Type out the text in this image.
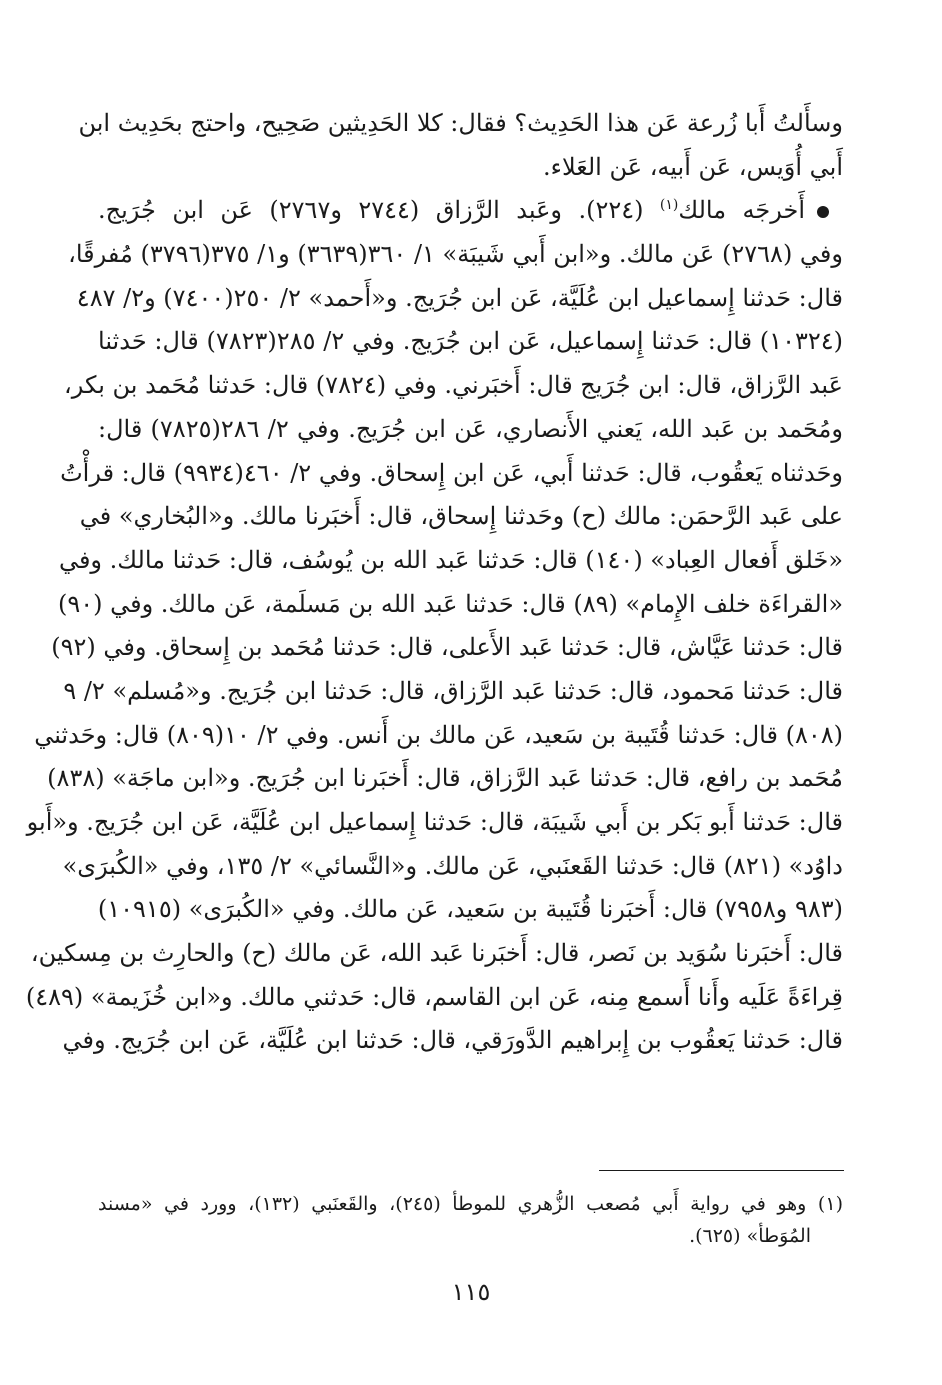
وسأَلتُ أَبا زُرعة عَن هذا الحَدِيث؟ فقال: كلا الحَدِيثين صَحِيح، واحتج بحَدِيث ابن
أَبي أُوَيس، عَن أَبيه، عَن العَلاء.
أَخرجَه مالك$^{(١)}$ (٢٢٤). وعَبد الرَّزاق (٢٧٤٤ و٢٧٦٧) عَن ابن جُرَيج.
وفي (٢٧٦٨) عَن مالك. و«ابن أَبي شَيبَة» ١/ ٣٦٠(٣٦٣٩) و١/ ٣٧٥(٣٧٩٦) مُفرقًا،
قال: حَدثنا إِسماعيل ابن عُلَيَّة، عَن ابن جُرَيج. و«أَحمد» ٢/ ٢٥٠(٧٤٠٠) و٢/ ٤٨٧
(١٠٣٢٤) قال: حَدثنا إِسماعيل، عَن ابن جُرَيج. وفي ٢/ ٢٨٥(٧٨٢٣) قال: حَدثنا
عَبد الرَّزاق، قال: ابن جُرَيج قال: أَخبَرني. وفي (٧٨٢٤) قال: حَدثنا مُحَمد بن بكر،
ومُحَمد بن عَبد الله، يَعني الأَنصاري، عَن ابن جُرَيج. وفي ٢/ ٢٨٦(٧٨٢٥) قال:
وحَدثناه يَعقُوب، قال: حَدثنا أَبي، عَن ابن إِسحاق. وفي ٢/ ٤٦٠(٩٩٣٤) قال: قرأْتُ
على عَبد الرَّحمَن: مالك (ح) وحَدثنا إِسحاق، قال: أَخبَرنا مالك. و«البُخاري» في
«خَلق أَفعال العِباد» (١٤٠) قال: حَدثنا عَبد الله بن يُوسُف، قال: حَدثنا مالك. وفي
«القراءَة خلف الإِمام» (٨٩) قال: حَدثنا عَبد الله بن مَسلَمة، عَن مالك. وفي (٩٠)
قال: حَدثنا عَيَّاش، قال: حَدثنا عَبد الأَعلى، قال: حَدثنا مُحَمد بن إِسحاق. وفي (٩٢)
قال: حَدثنا مَحمود، قال: حَدثنا عَبد الرَّزاق، قال: حَدثنا ابن جُرَيج. و«مُسلم» ٢/ ٩
(٨٠٨) قال: حَدثنا قُتَيبة بن سَعيد، عَن مالك بن أَنس. وفي ٢/ ١٠(٨٠٩) قال: وحَدثني
مُحَمد بن رافع، قال: حَدثنا عَبد الرَّزاق، قال: أَخبَرنا ابن جُرَيج. و«ابن ماجَة» (٨٣٨)
قال: حَدثنا أَبو بَكر بن أَبي شَيبَة، قال: حَدثنا إِسماعيل ابن عُلَيَّة، عَن ابن جُرَيج. و«أَبو
داوُد» (٨٢١) قال: حَدثنا القَعنَبي، عَن مالك. و«النَّسائي» ٢/ ١٣٥، وفي «الكُبرَى»
(٩٨٣ و٧٩٥٨) قال: أَخبَرنا قُتَيبة بن سَعيد، عَن مالك. وفي «الكُبرَى» (١٠٩١٥)
قال: أَخبَرنا سُوَيد بن نَصر، قال: أَخبَرنا عَبد الله، عَن مالك (ح) والحارِث بن مِسكين،
قِراءَةً عَلَيه وأَنا أَسمع مِنه، عَن ابن القاسم، قال: حَدثني مالك. و«ابن خُزَيمة» (٤٨٩)
قال: حَدثنا يَعقُوب بن إِبراهيم الدَّورَقي، قال: حَدثنا ابن عُلَيَّة، عَن ابن جُرَيج. وفي
(١) وهو في رواية أَبي مُصعب الزُّهري للموطأ (٢٤٥)، والقَعنَبي (١٣٢)، وورد في «مسند
المُوَطأ» (٦٢٥).
١١٥
